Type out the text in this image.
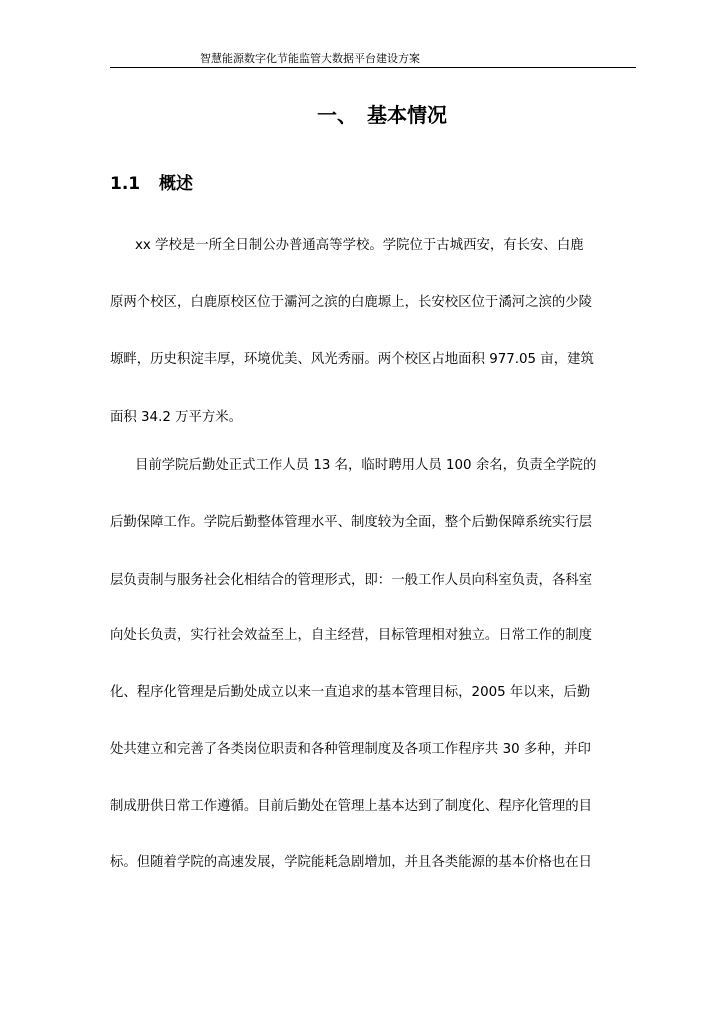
智慧能源数字化节能监管大数据平台建设方案
一、 基本情况
1.1 概述
xx 学校是一所全日制公办普通高等学校。学院位于古城西安，有长安、白鹿
原两个校区，白鹿原校区位于灞河之滨的白鹿塬上，长安校区位于潏河之滨的少陵
塬畔，历史积淀丰厚，环境优美、风光秀丽。两个校区占地面积 977.05 亩，建筑
面积 34.2 万平方米。
目前学院后勤处正式工作人员 13 名，临时聘用人员 100 余名，负责全学院的
后勤保障工作。学院后勤整体管理水平、制度较为全面，整个后勤保障系统实行层
层负责制与服务社会化相结合的管理形式，即：一般工作人员向科室负责，各科室
向处长负责，实行社会效益至上，自主经营，目标管理相对独立。日常工作的制度
化、程序化管理是后勤处成立以来一直追求的基本管理目标，2005 年以来，后勤
处共建立和完善了各类岗位职责和各种管理制度及各项工作程序共 30 多种，并印
制成册供日常工作遵循。目前后勤处在管理上基本达到了制度化、程序化管理的目
标。但随着学院的高速发展，学院能耗急剧增加，并且各类能源的基本价格也在日
